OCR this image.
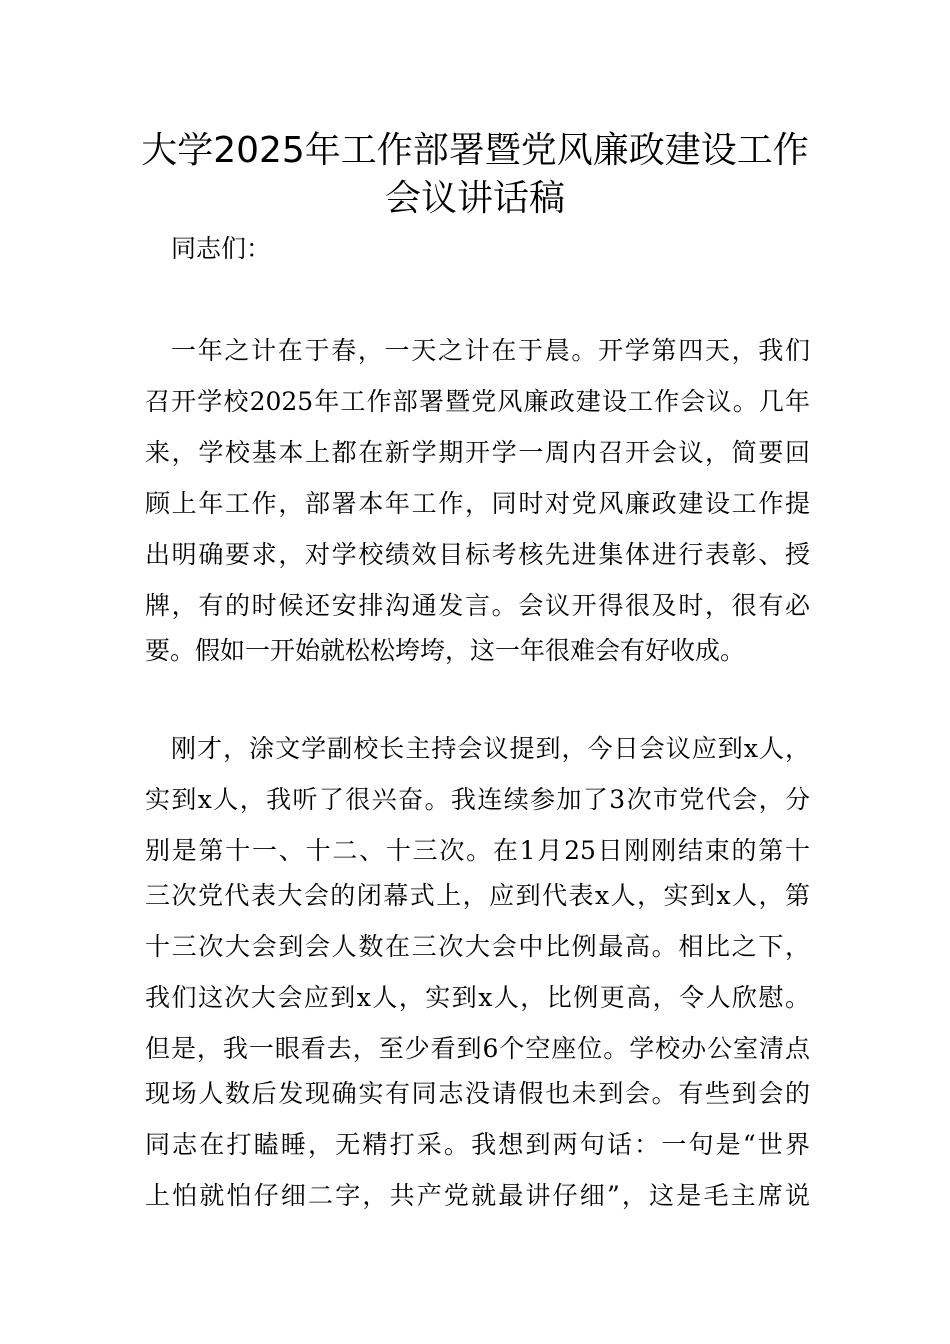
大学2025年工作部署暨党风廉政建设工作
会议讲话稿

同志们：

一年之计在于春，一天之计在于晨。开学第四天，我们

召开学校2025年工作部署暨党风廉政建设工作会议。几年

来，学校基本上都在新学期开学一周内召开会议，简要回

顾上年工作，部署本年工作，同时对党风廉政建设工作提

出明确要求，对学校绩效目标考核先进集体进行表彰、授

牌，有的时候还安排沟通发言。会议开得很及时，很有必

要。假如一开始就松松垮垮，这一年很难会有好收成。

刚才，涂文学副校长主持会议提到，今日会议应到x人，

实到x人，我听了很兴奋。我连续参加了3次市党代会，分

别是第十一、十二、十三次。在1月25日刚刚结束的第十

三次党代表大会的闭幕式上，应到代表x人，实到x人，第

十三次大会到会人数在三次大会中比例最高。相比之下，

我们这次大会应到x人，实到x人，比例更高，令人欣慰。

但是，我一眼看去，至少看到6个空座位。学校办公室清点

现场人数后发现确实有同志没请假也未到会。有些到会的

同志在打瞌睡，无精打采。我想到两句话：一句是“世界

上怕就怕仔细二字，共产党就最讲仔细”，这是毛主席说
